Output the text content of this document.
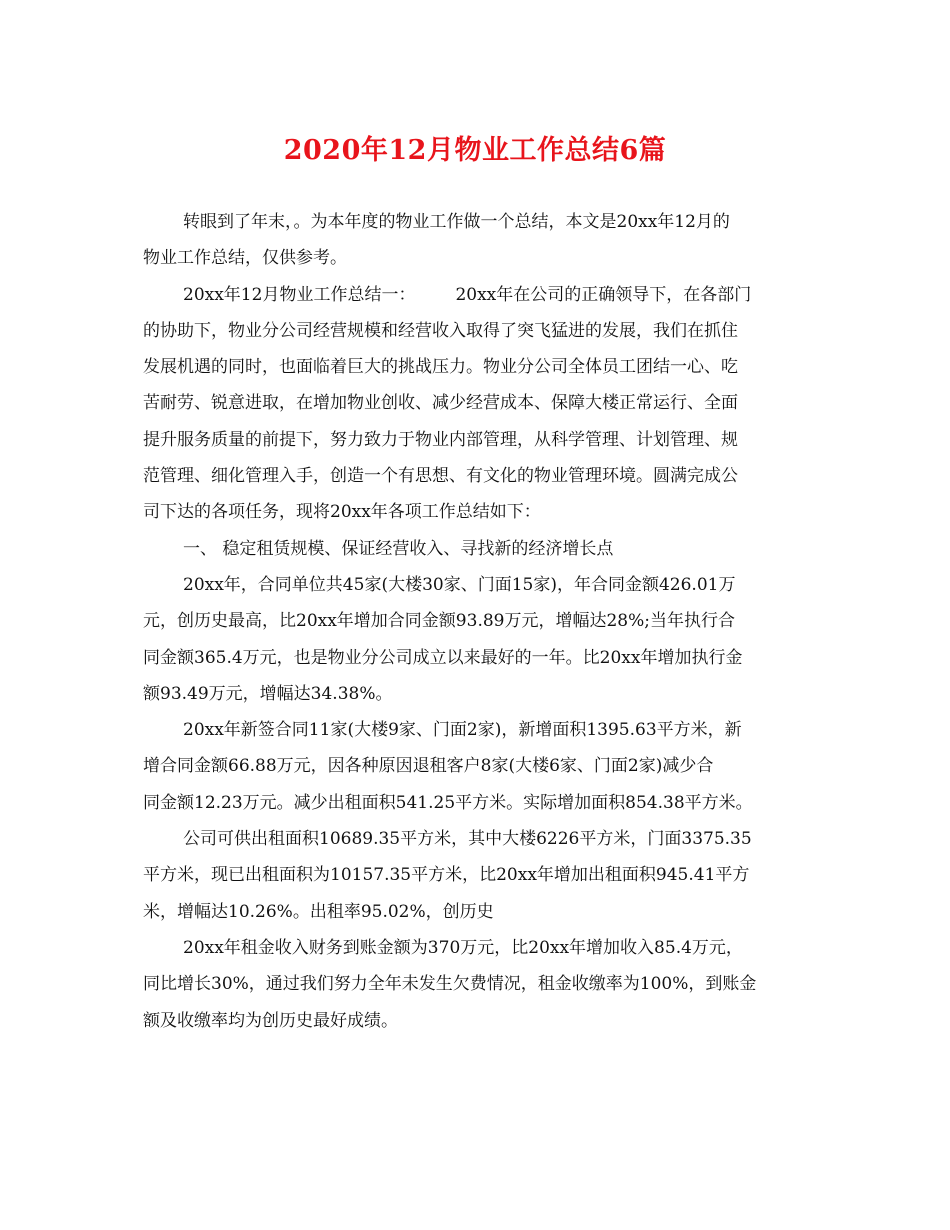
2020年12月物业工作总结6篇
转眼到了年末，。为本年度的物业工作做一个总结，本文是20xx年12月的
物业工作总结，仅供参考。
20xx年12月物业工作总结一： 20xx年在公司的正确领导下，在各部门
的协助下，物业分公司经营规模和经营收入取得了突飞猛进的发展，我们在抓住
发展机遇的同时，也面临着巨大的挑战压力。物业分公司全体员工团结一心、吃
苦耐劳、锐意进取，在增加物业创收、减少经营成本、保障大楼正常运行、全面
提升服务质量的前提下，努力致力于物业内部管理，从科学管理、计划管理、规
范管理、细化管理入手，创造一个有思想、有文化的物业管理环境。圆满完成公
司下达的各项任务，现将20xx年各项工作总结如下：
一、 稳定租赁规模、保证经营收入、寻找新的经济增长点
20xx年，合同单位共45家(大楼30家、门面15家)，年合同金额426.01万
元，创历史最高，比20xx年增加合同金额93.89万元，增幅达28%;当年执行合
同金额365.4万元，也是物业分公司成立以来最好的一年。比20xx年增加执行金
额93.49万元，增幅达34.38%。
20xx年新签合同11家(大楼9家、门面2家)，新增面积1395.63平方米，新
增合同金额66.88万元，因各种原因退租客户8家(大楼6家、门面2家)减少合
同金额12.23万元。减少出租面积541.25平方米。实际增加面积854.38平方米。
公司可供出租面积10689.35平方米，其中大楼6226平方米，门面3375.35
平方米，现已出租面积为10157.35平方米，比20xx年增加出租面积945.41平方
米，增幅达10.26%。出租率95.02%，创历史
20xx年租金收入财务到账金额为370万元，比20xx年增加收入85.4万元，
同比增长30%，通过我们努力全年未发生欠费情况，租金收缴率为100%，到账金
额及收缴率均为创历史最好成绩。
